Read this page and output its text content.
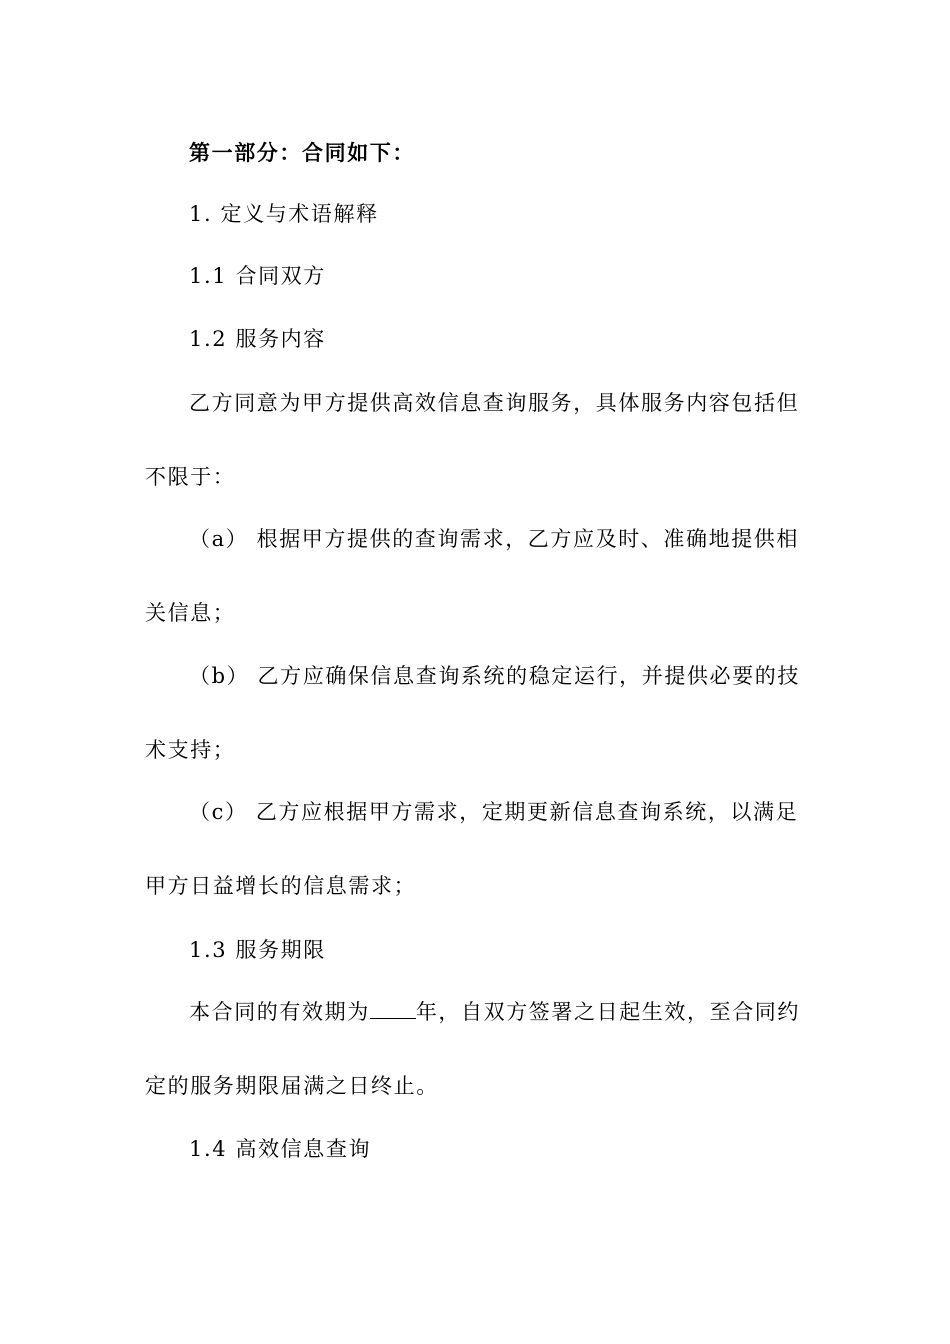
第一部分：合同如下：
1. 定义与术语解释
1.1 合同双方
1.2 服务内容
乙方同意为甲方提供高效信息查询服务，具体服务内容包括但
不限于：
（a） 根据甲方提供的查询需求，乙方应及时、准确地提供相
关信息；
（b） 乙方应确保信息查询系统的稳定运行，并提供必要的技
术支持；
（c） 乙方应根据甲方需求，定期更新信息查询系统，以满足
甲方日益增长的信息需求；
1.3 服务期限
本合同的有效期为 年，自双方签署之日起生效，至合同约
定的服务期限届满之日终止。
1.4 高效信息查询
